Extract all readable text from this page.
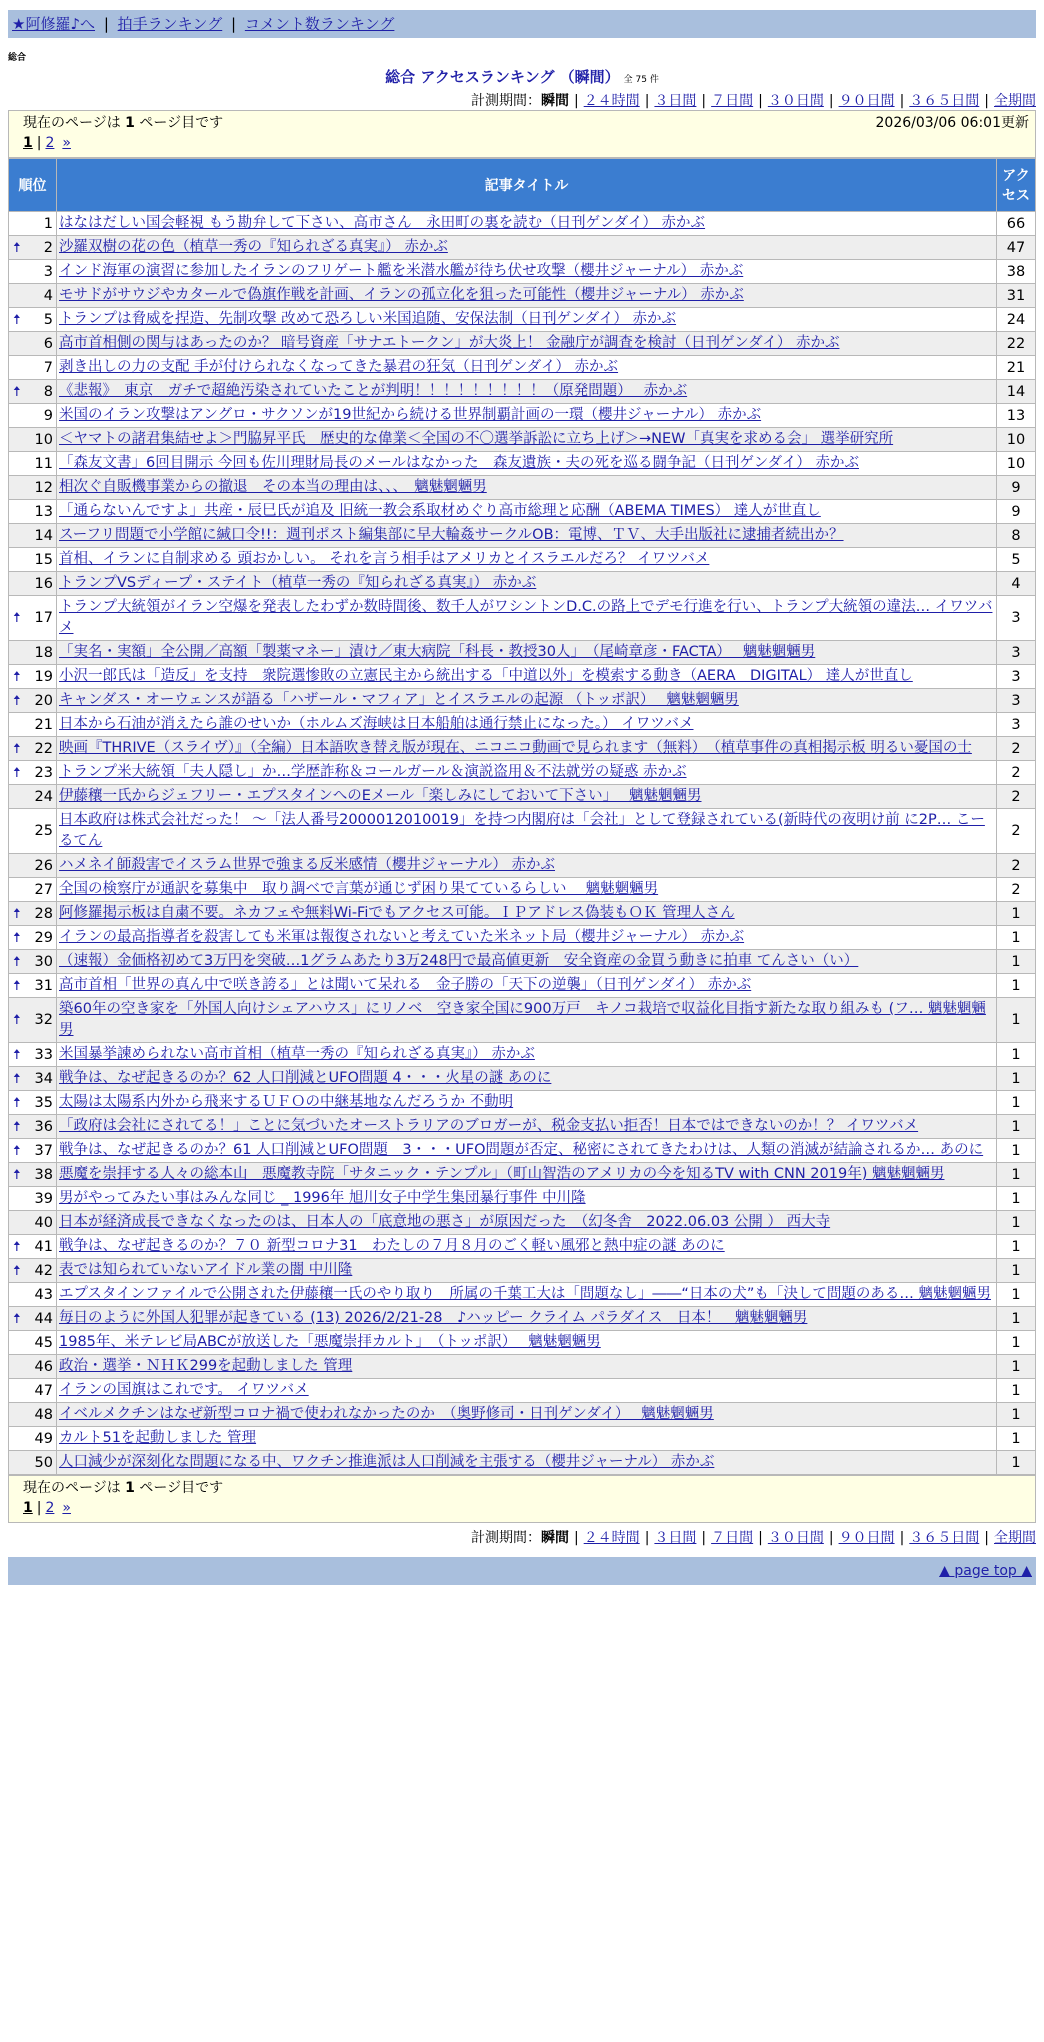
★阿修羅♪へ | 拍手ランキング | コメント数ランキング
総合
総合 アクセスランキング （瞬間） 全 75 件
計測期間：瞬間 | ２４時間 | ３日間 | ７日間 | ３０日間 | ９０日間 | ３６５日間 | 全期間
現在のページは 1 ページ目です	2026/03/06 06:01更新
1 | 2 »
順位	記事タイトル	アク
セス
1	はなはだしい国会軽視 もう勘弁して下さい、高市さん　永田町の裏を読む（日刊ゲンダイ） 赤かぶ	66

🠅 2	沙羅双樹の花の色（植草一秀の『知られざる真実』） 赤かぶ	47
3	インド海軍の演習に参加したイランのフリゲート艦を米潜水艦が待ち伏せ攻撃（櫻井ジャーナル） 赤かぶ	38
4	モサドがサウジやカタールで偽旗作戦を計画、イランの孤立化を狙った可能性（櫻井ジャーナル） 赤かぶ	31

🠅 5	トランプは脅威を捏造、先制攻撃 改めて恐ろしい米国追随、安保法制（日刊ゲンダイ） 赤かぶ	24
6	高市首相側の関与はあったのか？ 暗号資産「サナエトークン」が大炎上！ 金融庁が調査を検討（日刊ゲンダイ） 赤かぶ	22
7	剥き出しの力の支配 手が付けられなくなってきた暴君の狂気（日刊ゲンダイ） 赤かぶ	21

🠅 8	《悲報》　東京　ガチで超絶汚染されていたことが判明！！！！！！！！！（原発問題）　 赤かぶ	14
9	米国のイラン攻撃はアングロ・サクソンが19世紀から続ける世界制覇計画の一環（櫻井ジャーナル） 赤かぶ	13
10	＜ヤマトの諸君集結せよ＞門脇昇平氏　歴史的な偉業＜全国の不〇選挙訴訟に立ち上げ＞→NEW「真実を求める会」 選挙研究所	10
11	「森友文書」6回目開示 今回も佐川理財局長のメールはなかった　森友遺族・夫の死を巡る闘争記（日刊ゲンダイ） 赤かぶ	10
12	相次ぐ自販機事業からの撤退　その本当の理由は、、、　魑魅魍魎男	9
13	「通らないんですよ」共産・辰巳氏が追及 旧統一教会系取材めぐり高市総理と応酬（ABEMA TIMES） 達人が世直し	9
14	スーフリ問題で小学館に緘口令!!：週刊ポスト編集部に早大輪姦サークルOB：電博、ＴＶ、大手出版社に逮捕者続出か？	8
15	首相、イランに自制求める 頭おかしい。 それを言う相手はアメリカとイスラエルだろ？ イワツバメ	5
16	トランプVSディープ・ステイト（植草一秀の『知られざる真実』） 赤かぶ	4

🠅 17	トランプ大統領がイラン空爆を発表したわずか数時間後、数千人がワシントンD.C.の路上でデモ行進を行い、トランプ大統領の違法… イワツバメ	3
18	「実名・実額」全公開／高額「製薬マネー」漬け／東大病院「科長・教授30人」　（尾崎章彦・FACTA）　 魑魅魍魎男	3

🠅 19	小沢一郎氏は「造反」を支持　衆院選惨敗の立憲民主から統出する「中道以外」を模索する動き（AERA　DIGITAL） 達人が世直し	3

🠅 20	キャンダス・オーウェンスが語る「ハザール・マフィア」とイスラエルの起源 （トッポ訳）　 魑魅魍魎男	3
21	日本から石油が消えたら誰のせいか（ホルムズ海峡は日本船舶は通行禁止になった。） イワツバメ	3

🠅 22	映画『THRIVE（スライヴ）』（全編）日本語吹き替え版が現在、ニコニコ動画で見られます（無料）　（植草事件の真相掲示板 明るい憂国の士	2

🠅 23	トランプ米大統領「夫人隠し」か…学歴詐称＆コールガール＆演説盗用＆不法就労の疑惑 赤かぶ	2
24	伊藤穰一氏からジェフリー・エプスタインへのEメール「楽しみにしておいて下さい」　 魑魅魍魎男	2
25	日本政府は株式会社だった！ ～「法人番号2000012010019」を持つ内閣府は「会社」として登録されている(新時代の夜明け前 に2P… こーるてん	2
26	ハメネイ師殺害でイスラム世界で強まる反米感情（櫻井ジャーナル） 赤かぶ	2
27	全国の検察庁が通訳を募集中　取り調べで言葉が通じず困り果てているらしい　 魑魅魍魎男	2

🠅 28	阿修羅掲示板は自粛不要。ネカフェや無料Wi-Fiでもアクセス可能。ＩＰアドレス偽装もＯＫ 管理人さん	1

🠅 29	イランの最高指導者を殺害しても米軍は報復されないと考えていた米ネット局（櫻井ジャーナル） 赤かぶ	1

🠅 30	（速報）金価格初めて3万円を突破…1グラムあたり3万248円で最高値更新　安全資産の金買う動きに拍車 てんさい（い）	1

🠅 31	高市首相「世界の真ん中で咲き誇る」とは聞いて呆れる　金子勝の「天下の逆襲」（日刊ゲンダイ） 赤かぶ	1

🠅 32	築60年の空き家を「外国人向けシェアハウス」にリノベ　空き家全国に900万戸　キノコ栽培で収益化目指す新たな取り組みも (フ… 魑魅魍魎男	1

🠅 33	米国暴挙諫められない高市首相（植草一秀の『知られざる真実』） 赤かぶ	1

🠅 34	戦争は、なぜ起きるのか？62 人口削減とUFO問題 4・・・火星の謎 あのに	1

🠅 35	太陽は太陽系内外から飛来するＵＦＯの中継基地なんだろうか 不動明	1

🠅 36	「政府は会社にされてる！」ことに気づいたオーストラリアのブロガーが、税金支払い拒否！日本ではできないのか！？ イワツバメ	1

🠅 37	戦争は、なぜ起きるのか？61 人口削減とUFO問題　3・・・UFO問題が否定、秘密にされてきたわけは、人類の消滅が結論されるか… あのに	1

🠅 38	悪魔を崇拝する人々の総本山　悪魔教寺院「サタニック・テンプル」（町山智浩のアメリカの今を知るTV with CNN 2019年) 魑魅魍魎男	1
39	男がやってみたい事はみんな同じ _ 1996年 旭川女子中学生集団暴行事件 中川隆	1
40	日本が経済成長できなくなったのは、日本人の「底意地の悪さ」が原因だった　（幻冬舎　2022.06.03 公開 ） 西大寺	1

🠅 41	戦争は、なぜ起きるのか？７０ 新型コロナ31　わたしの７月８月のごく軽い風邪と熱中症の謎 あのに	1

🠅 42	表では知られていないアイドル業の闇 中川隆	1
43	エプスタインファイルで公開された伊藤穰一氏のやり取り　所属の千葉工大は「問題なし」――“日本の犬”も「決して問題のある… 魑魅魍魎男	1

🠅 44	毎日のように外国人犯罪が起きている (13) 2026/2/21-28　♪ハッピー クライム パラダイス　日本！　魑魅魍魎男	1
45	1985年、米テレビ局ABCが放送した「悪魔崇拝カルト」　（トッポ訳）　 魑魅魍魎男	1
46	政治・選挙・ＮＨＫ299を起動しました 管理	1
47	イランの国旗はこれです。 イワツバメ	1
48	イベルメクチンはなぜ新型コロナ禍で使われなかったのか　（奥野修司・日刊ゲンダイ）　 魑魅魍魎男	1
49	カルト51を起動しました 管理	1
50	人口減少が深刻化な問題になる中、ワクチン推進派は人口削減を主張する（櫻井ジャーナル） 赤かぶ	1
現在のページは 1 ページ目です
1 | 2 »
計測期間：瞬間 | ２４時間 | ３日間 | ７日間 | ３０日間 | ９０日間 | ３６５日間 | 全期間
▲ page top ▲
